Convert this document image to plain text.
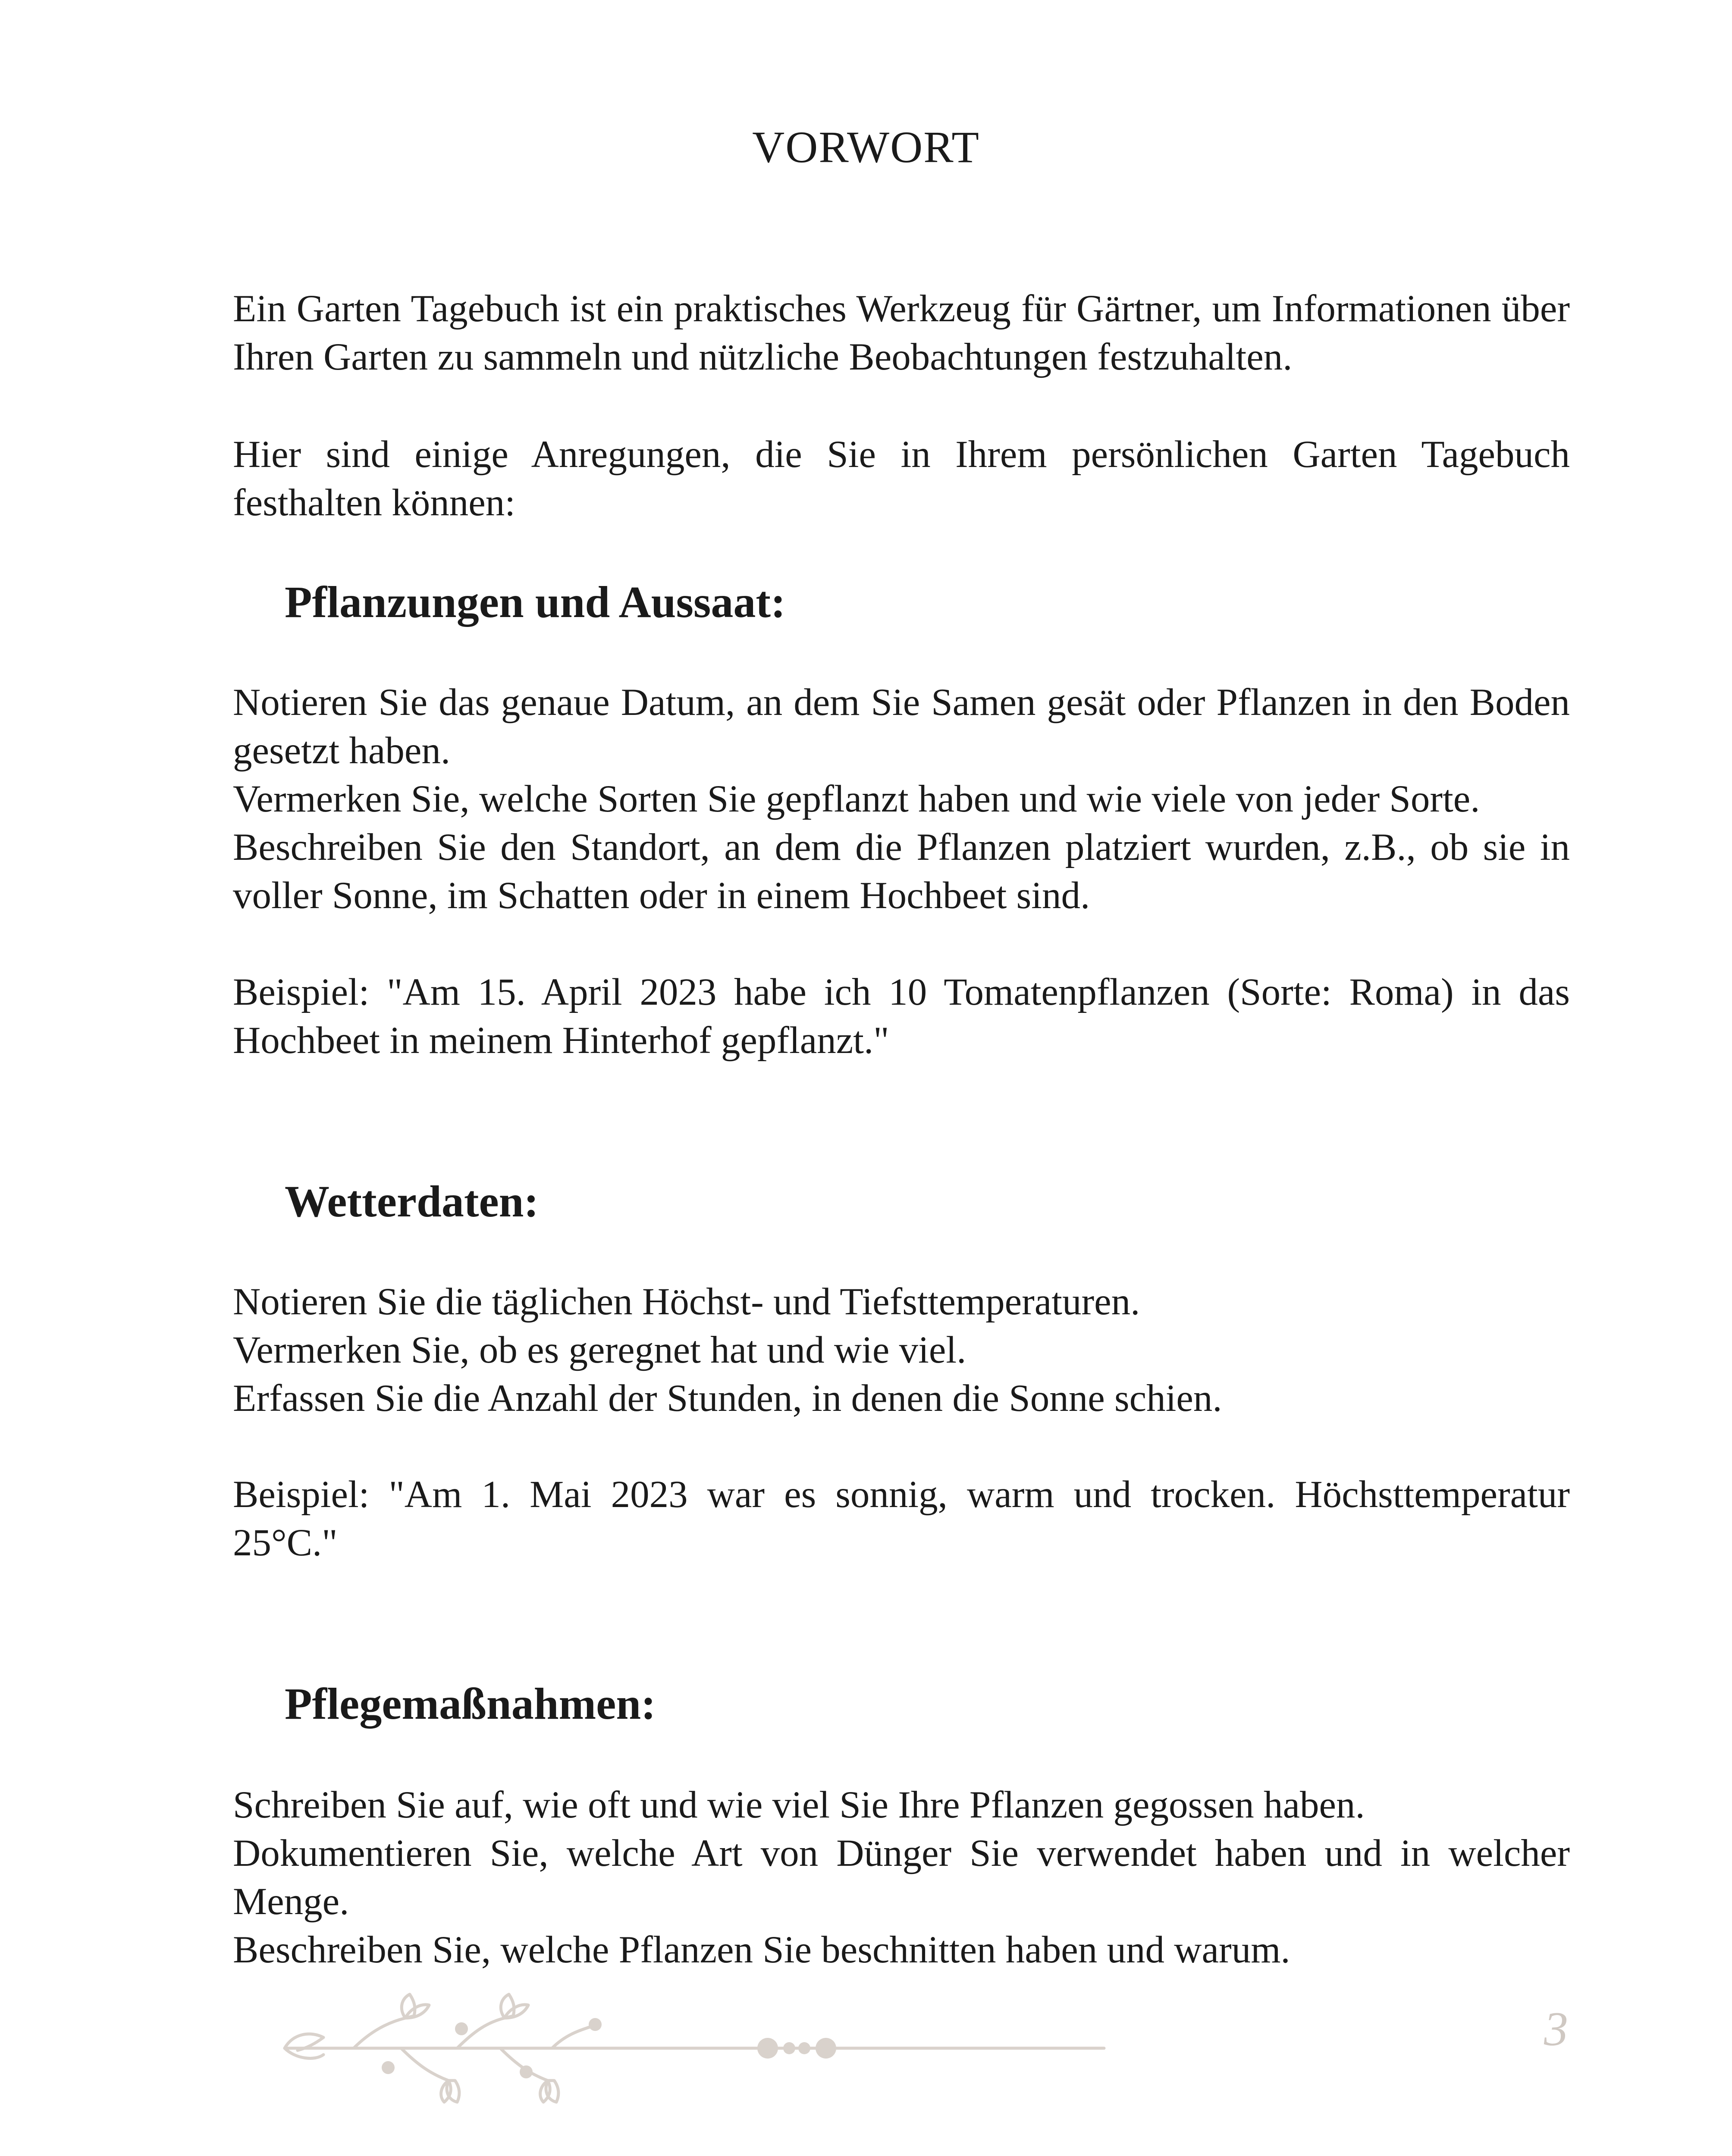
VORWORT

Ein Garten Tagebuch ist ein praktisches Werkzeug für Gärtner, um Informationen über Ihren Garten zu sammeln und nützliche Beobachtungen festzuhalten.

Hier sind einige Anregungen, die Sie in Ihrem persönlichen Garten Tagebuch festhalten können:

Pflanzungen und Aussaat:

Notieren Sie das genaue Datum, an dem Sie Samen gesät oder Pflanzen in den Boden gesetzt haben.
Vermerken Sie, welche Sorten Sie gepflanzt haben und wie viele von jeder Sorte.
Beschreiben Sie den Standort, an dem die Pflanzen platziert wurden, z.B., ob sie in voller Sonne, im Schatten oder in einem Hochbeet sind.

Beispiel: "Am 15. April 2023 habe ich 10 Tomatenpflanzen (Sorte: Roma) in das Hochbeet in meinem Hinterhof gepflanzt."

Wetterdaten:

Notieren Sie die täglichen Höchst- und Tiefsttemperaturen.
Vermerken Sie, ob es geregnet hat und wie viel.
Erfassen Sie die Anzahl der Stunden, in denen die Sonne schien.

Beispiel: "Am 1. Mai 2023 war es sonnig, warm und trocken. Höchsttemperatur 25°C."

Pflegemaßnahmen:

Schreiben Sie auf, wie oft und wie viel Sie Ihre Pflanzen gegossen haben.
Dokumentieren Sie, welche Art von Dünger Sie verwendet haben und in welcher Menge.
Beschreiben Sie, welche Pflanzen Sie beschnitten haben und warum.

3
